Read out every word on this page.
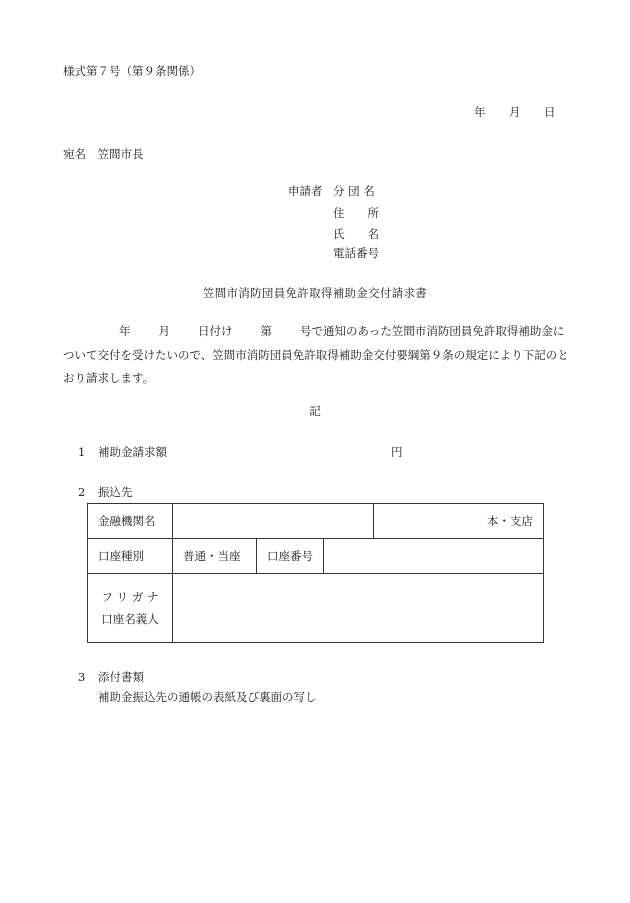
様式第７号（第９条関係）
年 月 日
宛名　笠間市長
申請者 分 団 名
住　　所
氏　　名
電話番号
笠間市消防団員免許取得補助金交付請求書
年 月 日付け 第 号で通知のあった笠間市消防団員免許取得補助金について交付を受けたいので、笠間市消防団員免許取得補助金交付要綱第９条の規定により下記のとおり請求します。
記
1 補助金請求額	円
2 振込先
金融機関名				本・支店
口座種別	普通・当座	口座番号		

フ リ ガ ナ
口座名義人				

3 添付書類
補助金振込先の通帳の表紙及び裏面の写し
